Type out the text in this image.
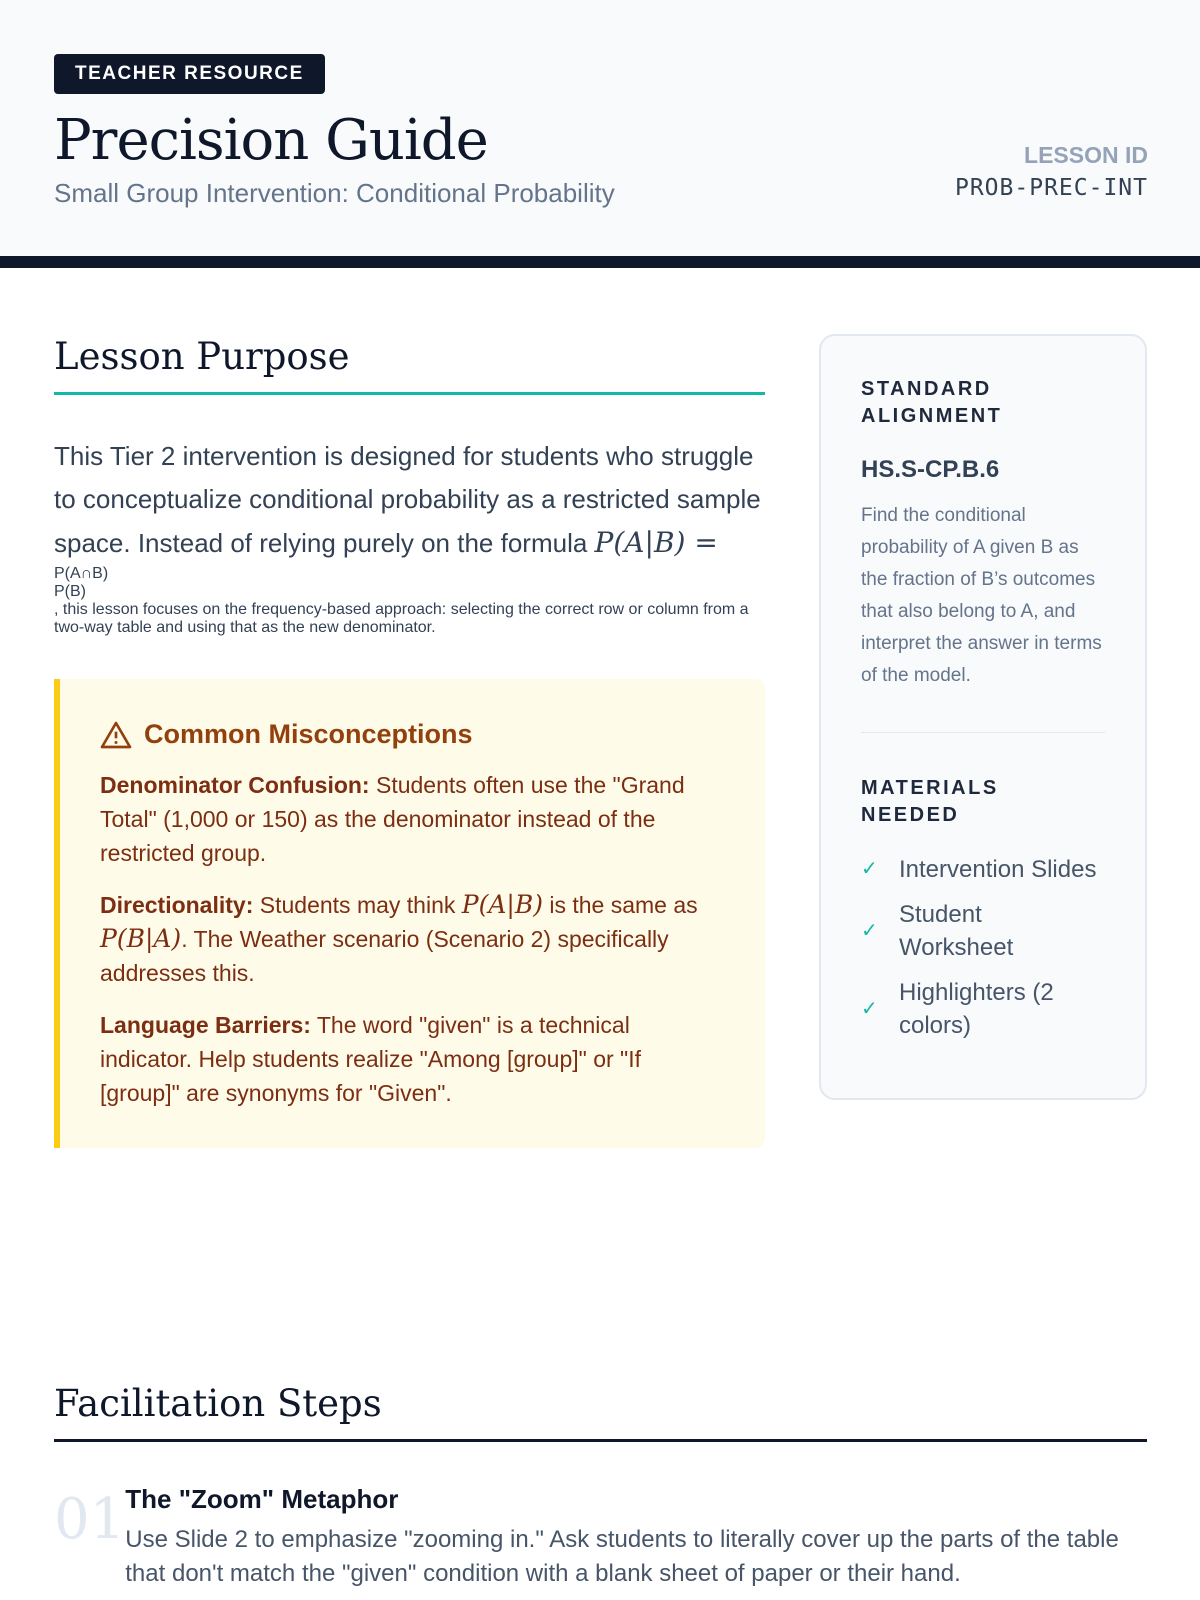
TEACHER RESOURCE
Precision Guide
Small Group Intervention: Conditional Probability
LESSON ID
PROB-PREC-INT
Lesson Purpose

This Tier 2 intervention is designed for students who struggle to conceptualize conditional probability as a restricted sample space. Instead of relying purely on the formula P(A|B) =

P(A∩B)
P(B)
, this lesson focuses on the frequency-based approach: selecting the correct row or column from a two-way table and using that as the new denominator.

Common Misconceptions

Denominator Confusion: Students often use the "Grand Total" (1,000 or 150) as the denominator instead of the restricted group.

Directionality: Students may think P(A|B) is the same as P(B|A). The Weather scenario (Scenario 2) specifically addresses this.

Language Barriers: The word "given" is a technical indicator. Help students realize "Among [group]" or "If [group]" are synonyms for "Given".

STANDARD ALIGNMENT
HS.S-CP.B.6
Find the conditional probability of A given B as the fraction of B’s outcomes that also belong to A, and interpret the answer in terms of the model.
MATERIALS NEEDED
✓ Intervention Slides
✓
Student Worksheet
✓
Highlighters (2 colors)
Facilitation Steps
01 The "Zoom" Metaphor

Use Slide 2 to emphasize "zooming in." Ask students to literally cover up the parts of the table that don't match the "given" condition with a blank sheet of paper or their hand.
